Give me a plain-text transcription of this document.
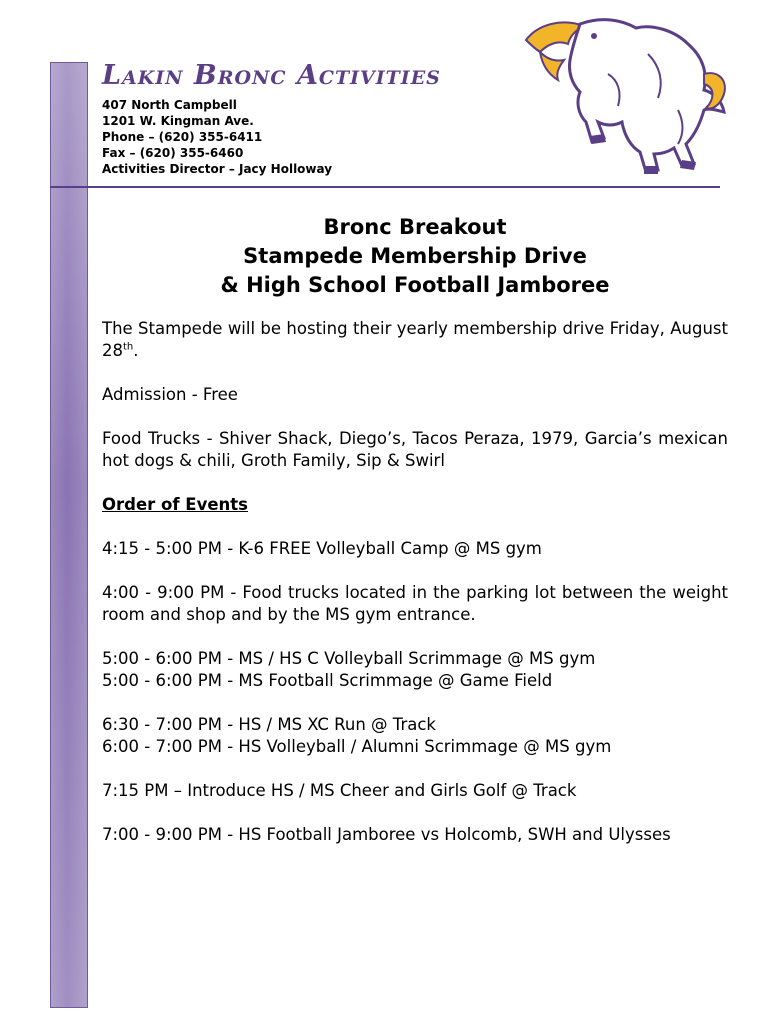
Lakin Bronc Activities
407 North Campbell
1201 W. Kingman Ave.
Phone – (620) 355-6411
Fax – (620) 355-6460
Activities Director – Jacy Holloway
Bronc Breakout
Stampede Membership Drive
& High School Football Jamboree

The Stampede will be hosting their yearly membership drive Friday, August 28th.

Admission - Free

Food Trucks - Shiver Shack, Diego’s, Tacos Peraza, 1979, Garcia’s mexican hot dogs & chili, Groth Family, Sip & Swirl

Order of Events

4:15 - 5:00 PM - K-6 FREE Volleyball Camp @ MS gym
4:00 - 9:00 PM - Food trucks located in the parking lot between the weight room and shop and by the MS gym entrance.
5:00 - 6:00 PM - MS / HS C Volleyball Scrimmage @ MS gym
5:00 - 6:00 PM - MS Football Scrimmage @ Game Field
6:30 - 7:00 PM - HS / MS XC Run @ Track
6:00 - 7:00 PM - HS Volleyball / Alumni Scrimmage @ MS gym
7:15 PM – Introduce HS / MS Cheer and Girls Golf @ Track
7:00 - 9:00 PM - HS Football Jamboree vs Holcomb, SWH and Ulysses
